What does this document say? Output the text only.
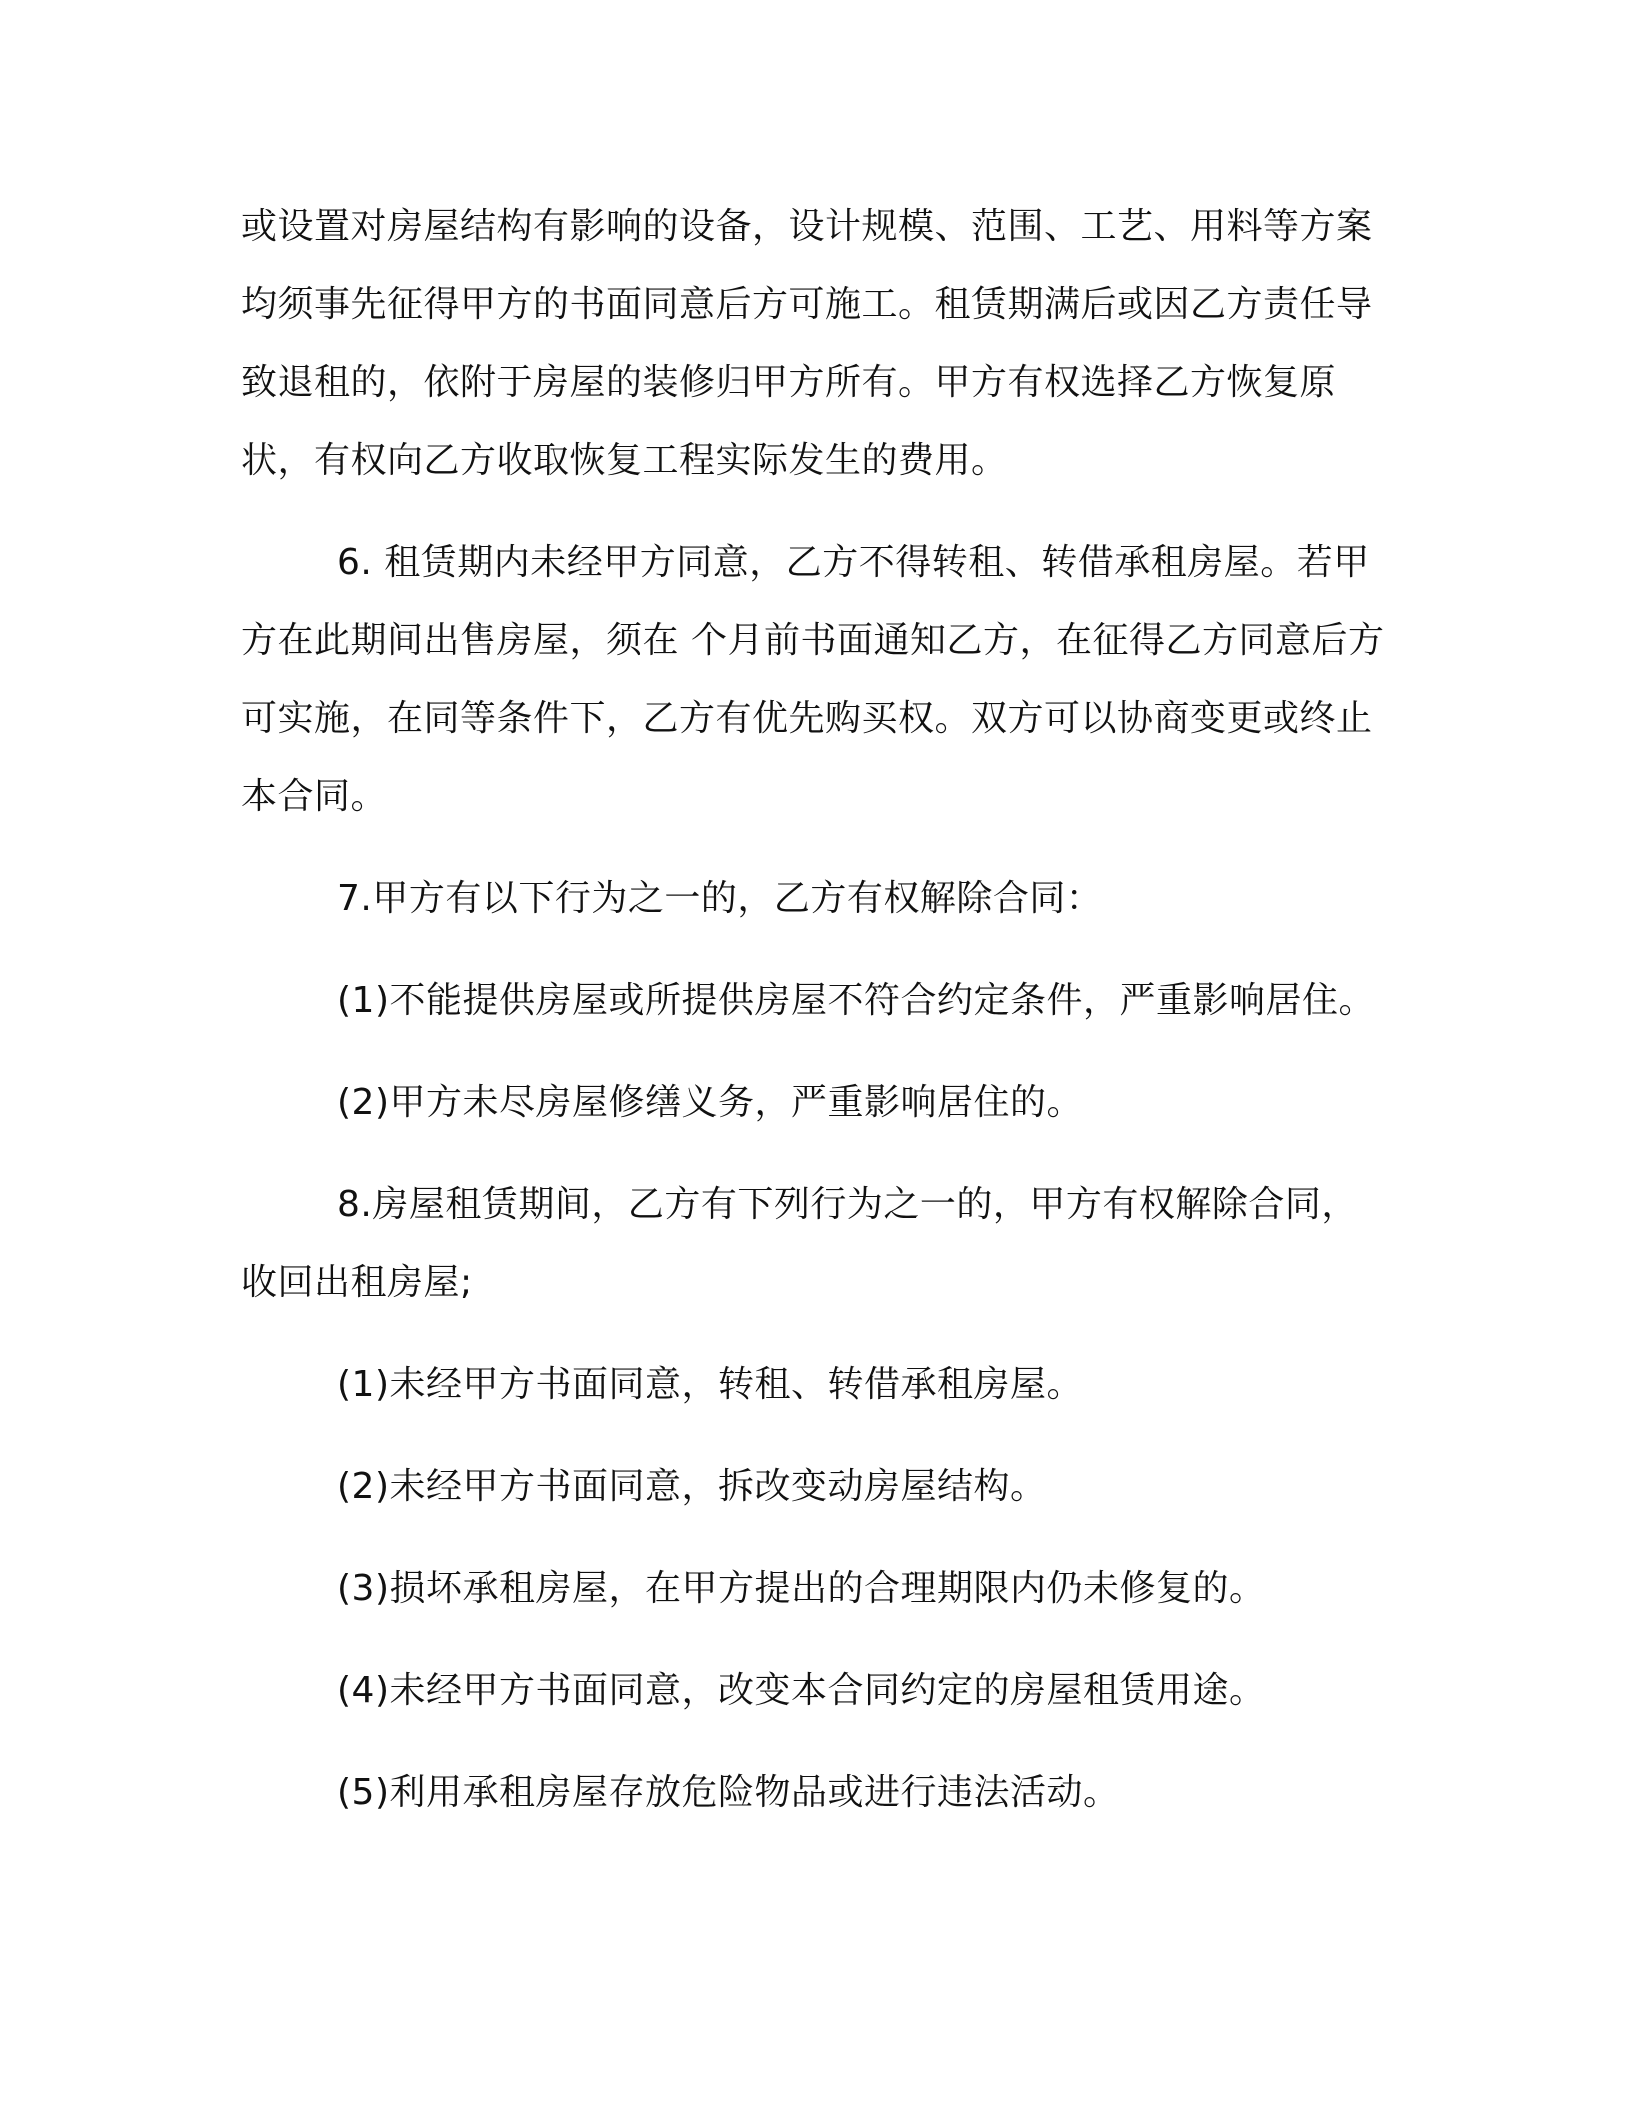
或设置对房屋结构有影响的设备，设计规模、范围、工艺、用料等方案均须事先征得甲方的书面同意后方可施工。租赁期满后或因乙方责任导致退租的，依附于房屋的装修归甲方所有。甲方有权选择乙方恢复原状，有权向乙方收取恢复工程实际发生的费用。

6. 租赁期内未经甲方同意，乙方不得转租、转借承租房屋。若甲方在此期间出售房屋，须在 个月前书面通知乙方，在征得乙方同意后方可实施，在同等条件下，乙方有优先购买权。双方可以协商变更或终止本合同。

7.甲方有以下行为之一的，乙方有权解除合同：

(1)不能提供房屋或所提供房屋不符合约定条件，严重影响居住。

(2)甲方未尽房屋修缮义务，严重影响居住的。

8.房屋租赁期间，乙方有下列行为之一的，甲方有权解除合同，收回出租房屋;

(1)未经甲方书面同意，转租、转借承租房屋。

(2)未经甲方书面同意，拆改变动房屋结构。

(3)损坏承租房屋，在甲方提出的合理期限内仍未修复的。

(4)未经甲方书面同意，改变本合同约定的房屋租赁用途。

(5)利用承租房屋存放危险物品或进行违法活动。
